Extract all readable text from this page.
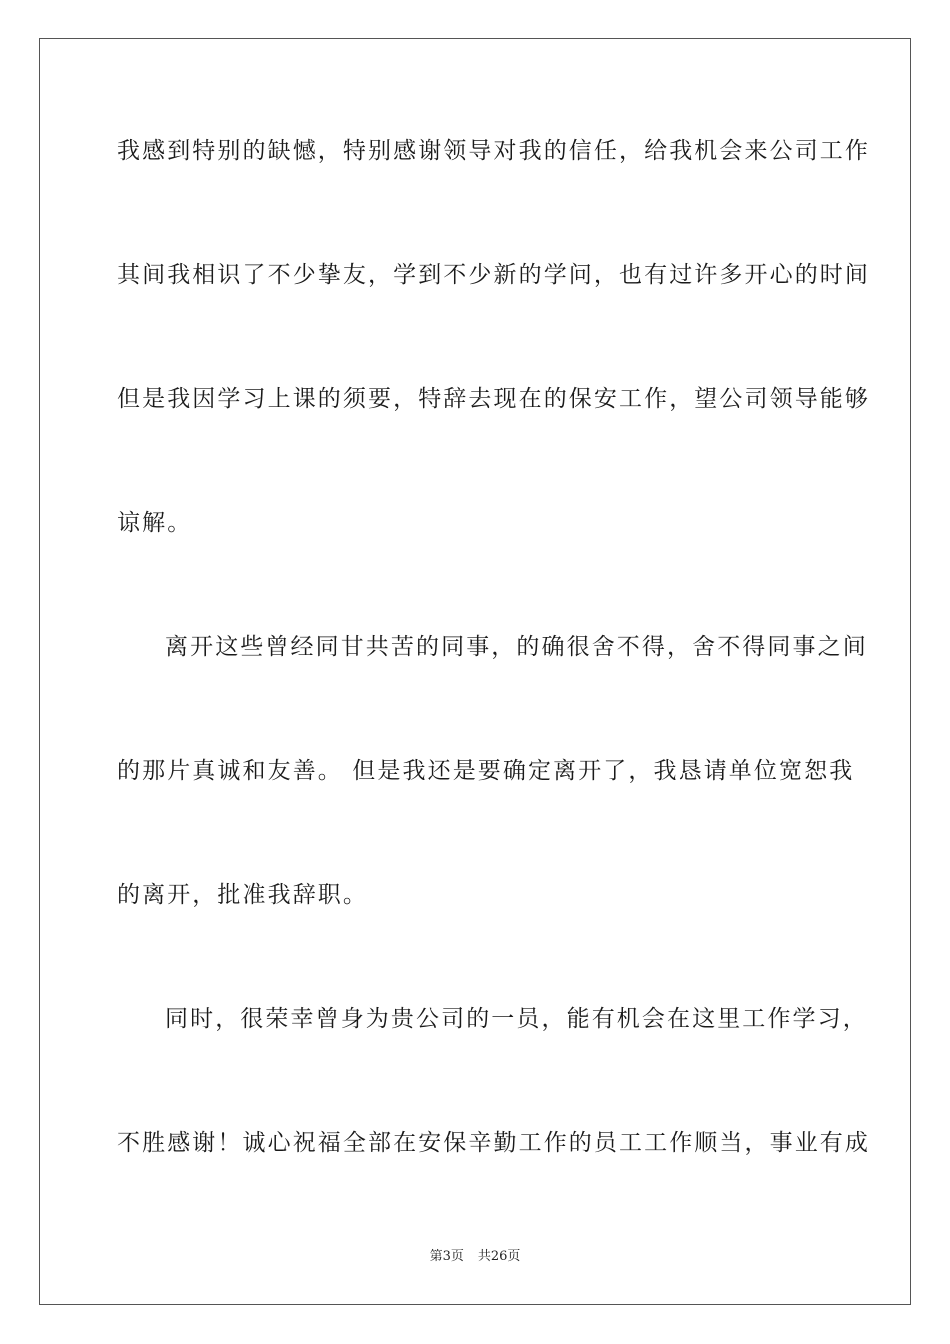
我感到特别的缺憾，特别感谢领导对我的信任，给我机会来公司工作
其间我相识了不少挚友，学到不少新的学问，也有过许多开心的时间
但是我因学习上课的须要，特辞去现在的保安工作，望公司领导能够
谅解。
离开这些曾经同甘共苦的同事，的确很舍不得，舍不得同事之间
的那片真诚和友善。 但是我还是要确定离开了，我恳请单位宽恕我
的离开，批准我辞职。
同时，很荣幸曾身为贵公司的一员，能有机会在这里工作学习，
不胜感谢！诚心祝福全部在安保辛勤工作的员工工作顺当，事业有成
第3页 共26页
